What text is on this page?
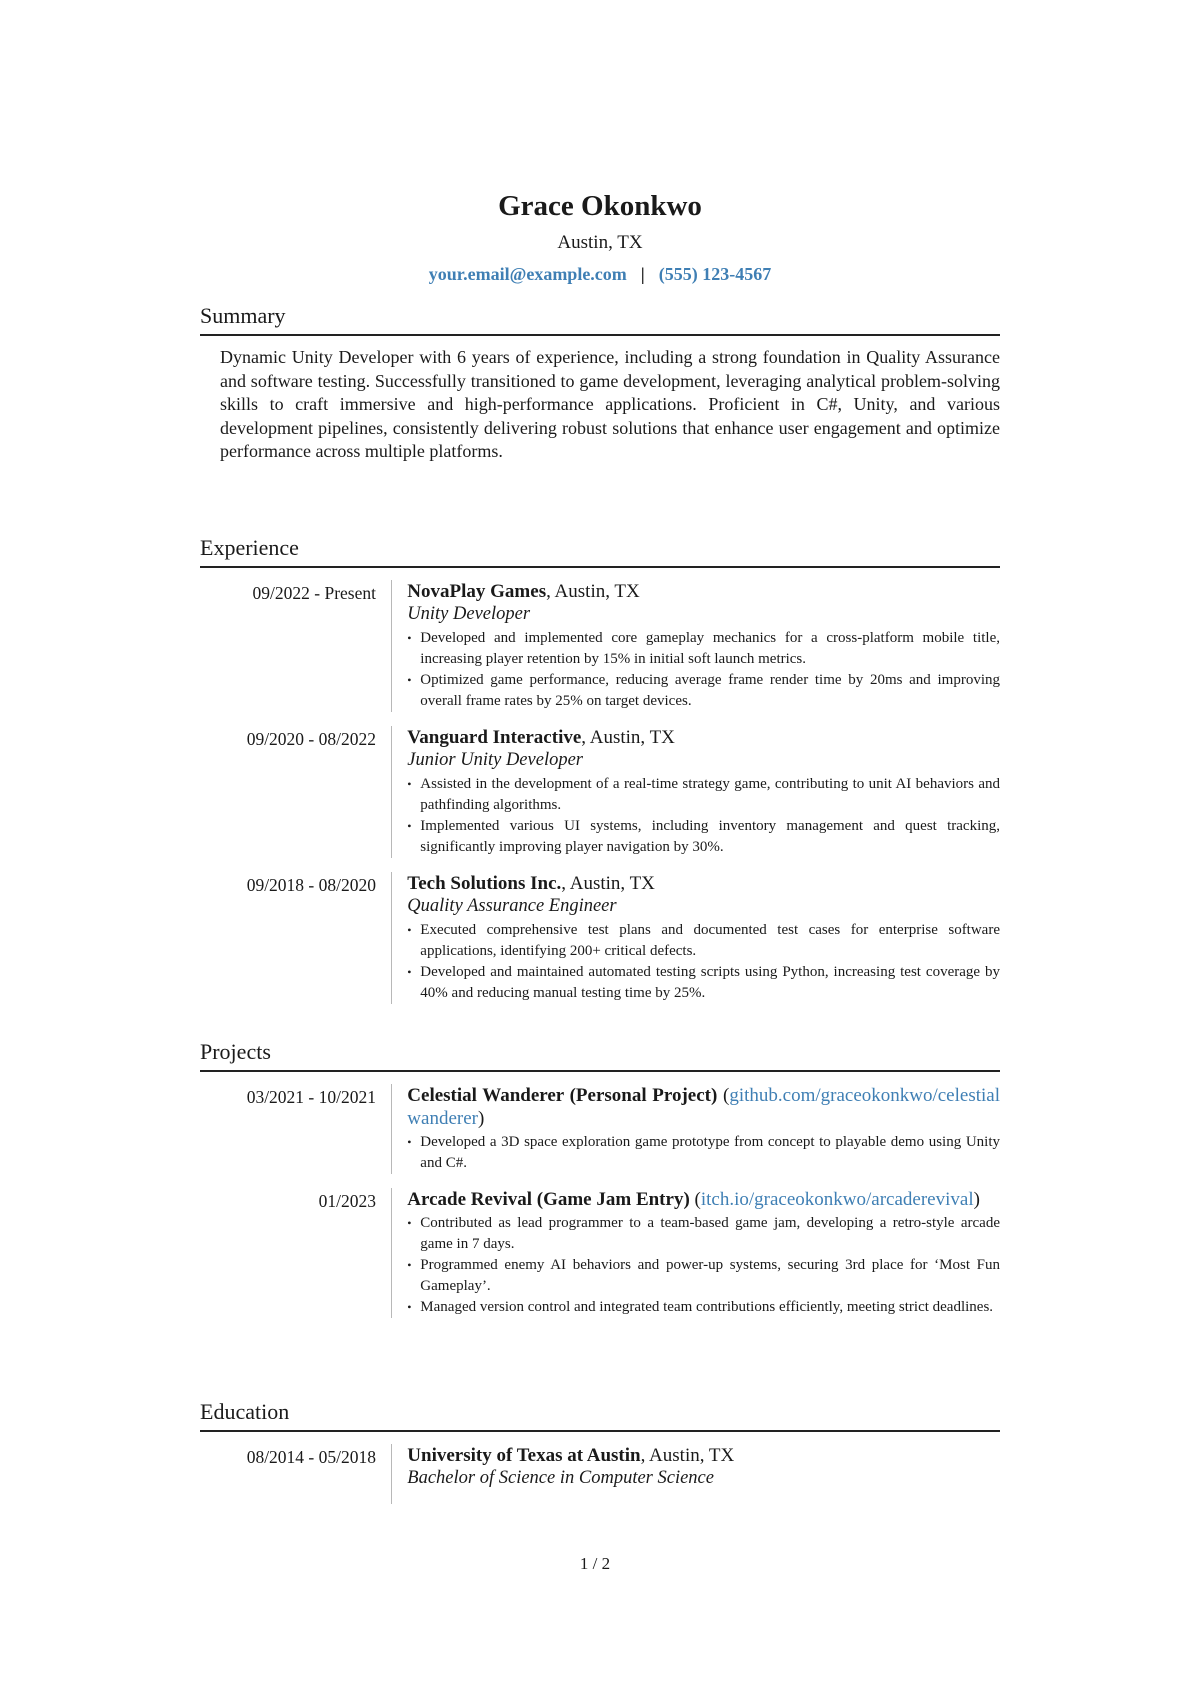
Grace Okonkwo
Austin, TX
your.email@example.com | (555) 123-4567
Summary
Dynamic Unity Developer with 6 years of experience, including a strong foundation in Quality Assurance and software testing. Successfully transitioned to game development, leveraging analytical problem-solving skills to craft immersive and high-performance applications. Proficient in C#, Unity, and various development pipelines, consistently delivering robust solutions that enhance user engagement and optimize performance across multiple platforms.
Experience
09/2022 - Present NovaPlay Games, Austin, TX
Unity Developer
• Developed and implemented core gameplay mechanics for a cross-platform mobile title, increasing player retention by 15% in initial soft launch metrics.
• Optimized game performance, reducing average frame render time by 20ms and improving overall frame rates by 25% on target devices.
09/2020 - 08/2022 Vanguard Interactive, Austin, TX
Junior Unity Developer
• Assisted in the development of a real-time strategy game, contributing to unit AI behaviors and pathfinding algorithms.
• Implemented various UI systems, including inventory management and quest tracking, significantly improving player navigation by 30%.
09/2018 - 08/2020 Tech Solutions Inc., Austin, TX
Quality Assurance Engineer
• Executed comprehensive test plans and documented test cases for enterprise software applications, identifying 200+ critical defects.
• Developed and maintained automated testing scripts using Python, increasing test coverage by 40% and reducing manual testing time by 25%.
Projects
03/2021 - 10/2021 Celestial Wanderer (Personal Project) (github.com/graceokonkwo/celestialwanderer)
• Developed a 3D space exploration game prototype from concept to playable demo using Unity and C#.
01/2023 Arcade Revival (Game Jam Entry) (itch.io/graceokonkwo/arcaderevival)
• Contributed as lead programmer to a team-based game jam, developing a retro-style arcade game in 7 days.
• Programmed enemy AI behaviors and power-up systems, securing 3rd place for ‘Most Fun Gameplay’.
• Managed version control and integrated team contributions efficiently, meeting strict deadlines.
Education
08/2014 - 05/2018 University of Texas at Austin, Austin, TX
Bachelor of Science in Computer Science
1 / 2
